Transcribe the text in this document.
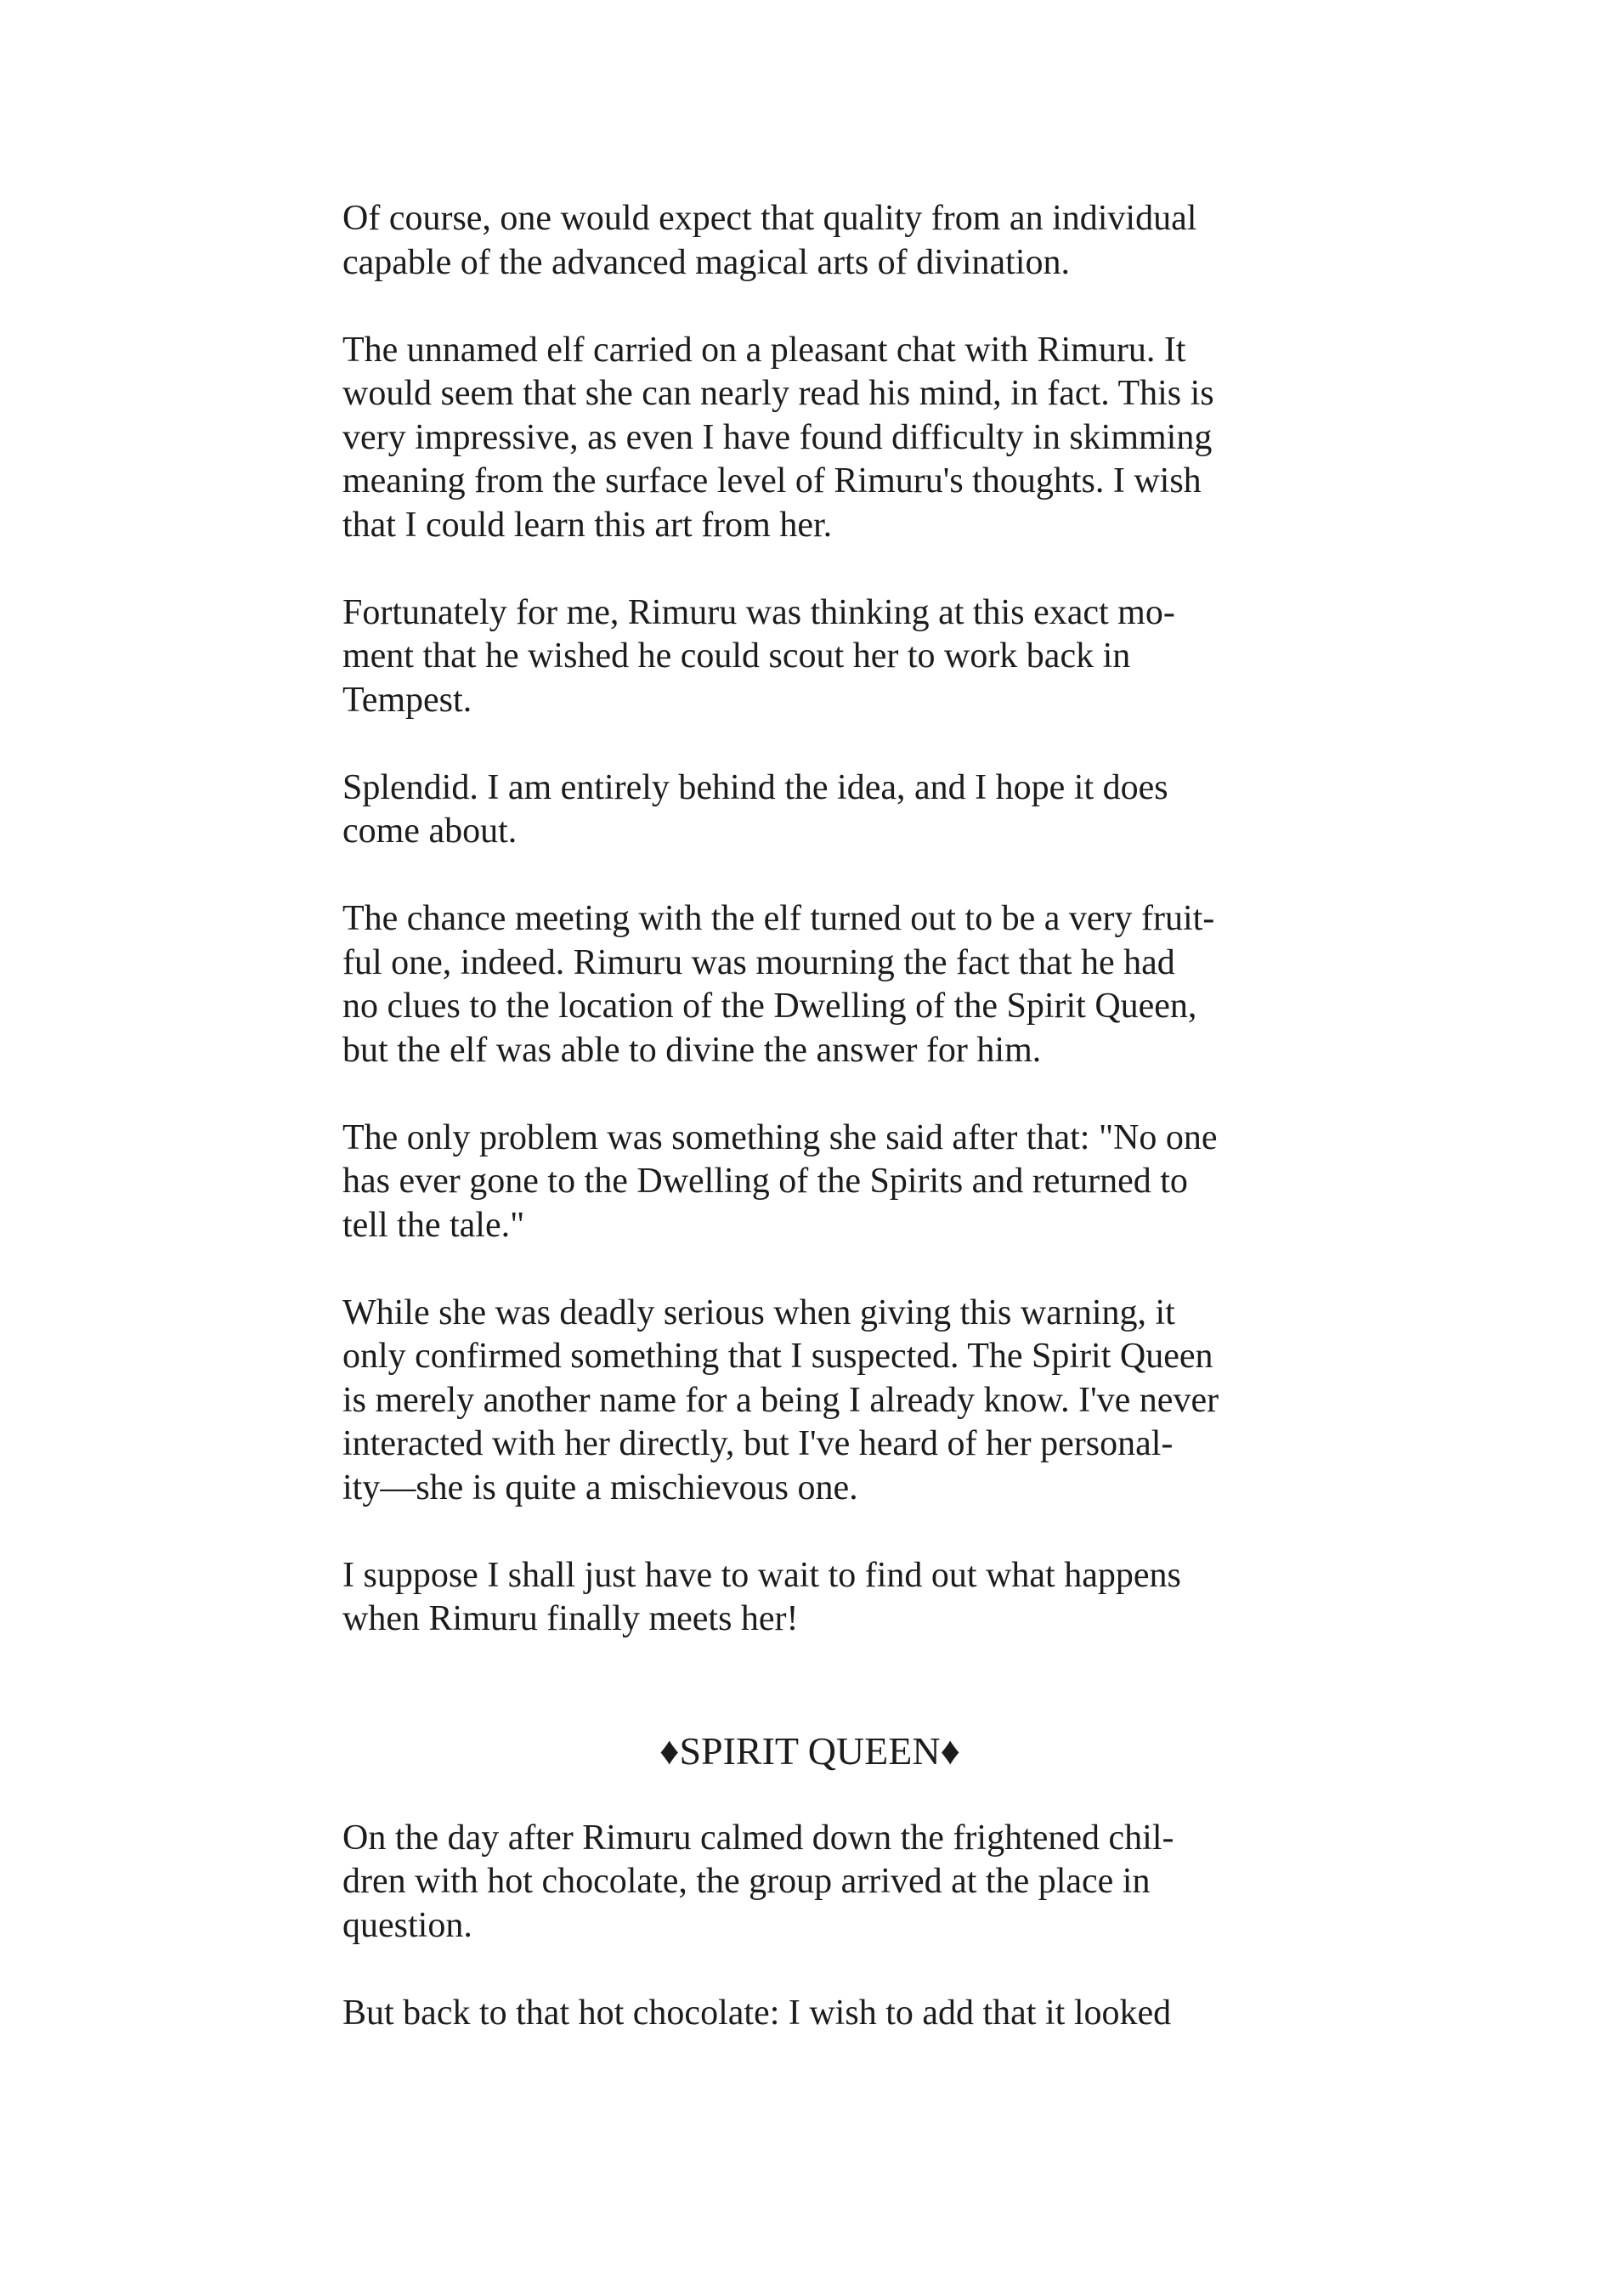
Of course, one would expect that quality from an individual
capable of the advanced magical arts of divination.
The unnamed elf carried on a pleasant chat with Rimuru. It
would seem that she can nearly read his mind, in fact. This is
very impressive, as even I have found difficulty in skimming
meaning from the surface level of Rimuru's thoughts. I wish
that I could learn this art from her.
Fortunately for me, Rimuru was thinking at this exact mo-
ment that he wished he could scout her to work back in
Tempest.
Splendid. I am entirely behind the idea, and I hope it does
come about.
The chance meeting with the elf turned out to be a very fruit-
ful one, indeed. Rimuru was mourning the fact that he had
no clues to the location of the Dwelling of the Spirit Queen,
but the elf was able to divine the answer for him.
The only problem was something she said after that: "No one
has ever gone to the Dwelling of the Spirits and returned to
tell the tale."
While she was deadly serious when giving this warning, it
only confirmed something that I suspected. The Spirit Queen
is merely another name for a being I already know. I've never
interacted with her directly, but I've heard of her personal-
ity—she is quite a mischievous one.
I suppose I shall just have to wait to find out what happens
when Rimuru finally meets her!
♦SPIRIT QUEEN♦
On the day after Rimuru calmed down the frightened chil-
dren with hot chocolate, the group arrived at the place in
question.
But back to that hot chocolate: I wish to add that it looked
